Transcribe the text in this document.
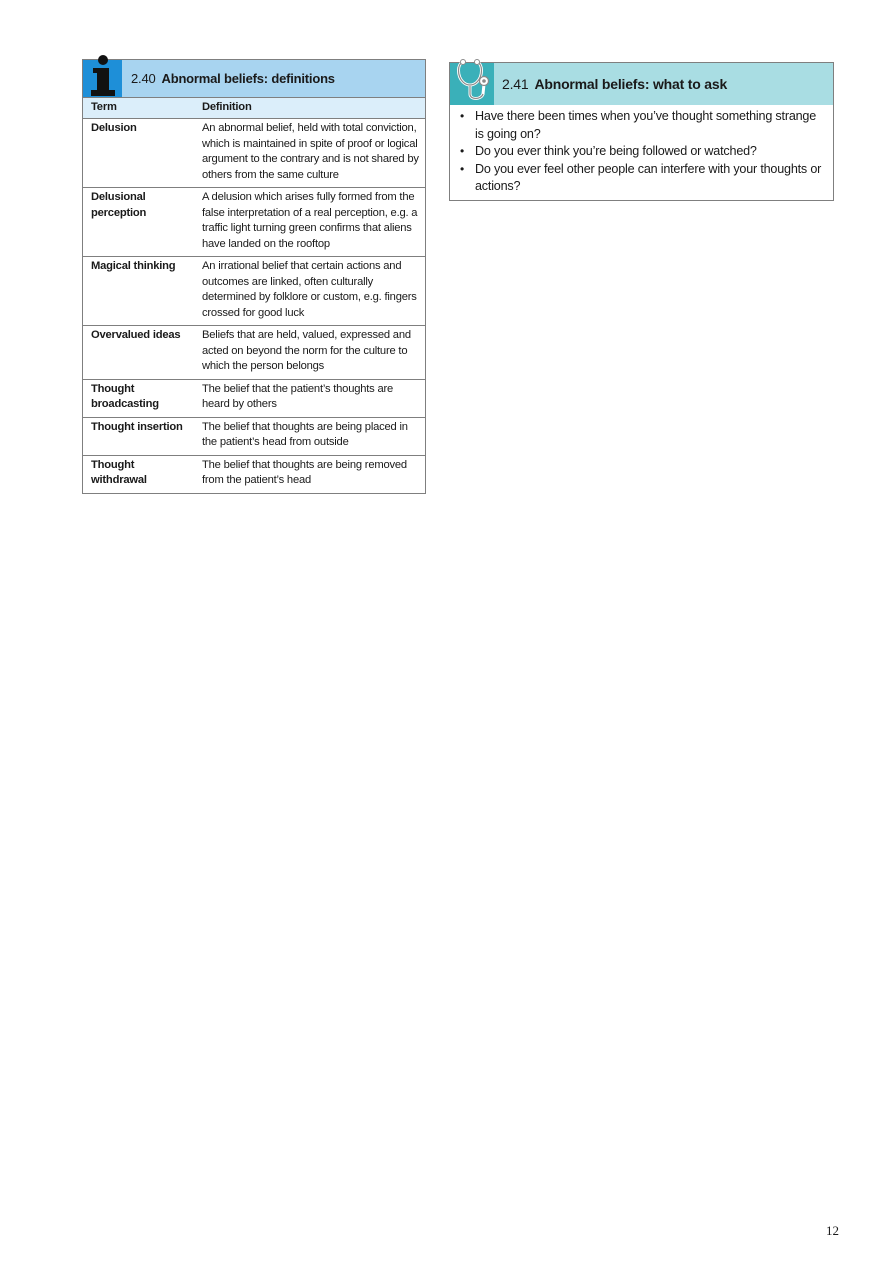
2.40 Abnormal beliefs: definitions
Term	Definition
Delusion	An abnormal belief, held with total conviction, which is maintained in spite of proof or logical argument to the contrary and is not shared by others from the same culture
Delusional perception	A delusion which arises fully formed from the false interpretation of a real perception, e.g. a traffic light turning green confirms that aliens have landed on the rooftop
Magical thinking	An irrational belief that certain actions and outcomes are linked, often culturally determined by folklore or custom, e.g. fingers crossed for good luck
Overvalued ideas	Beliefs that are held, valued, expressed and acted on beyond the norm for the culture to which the person belongs
Thought broadcasting	The belief that the patient’s thoughts are heard by others
Thought insertion	The belief that thoughts are being placed in the patient’s head from outside
Thought withdrawal	The belief that thoughts are being removed from the patient’s head
2.41 Abnormal beliefs: what to ask
• Have there been times when you’ve thought something strange is going on?
• Do you ever think you’re being followed or watched?
• Do you ever feel other people can interfere with your thoughts or actions?
12
